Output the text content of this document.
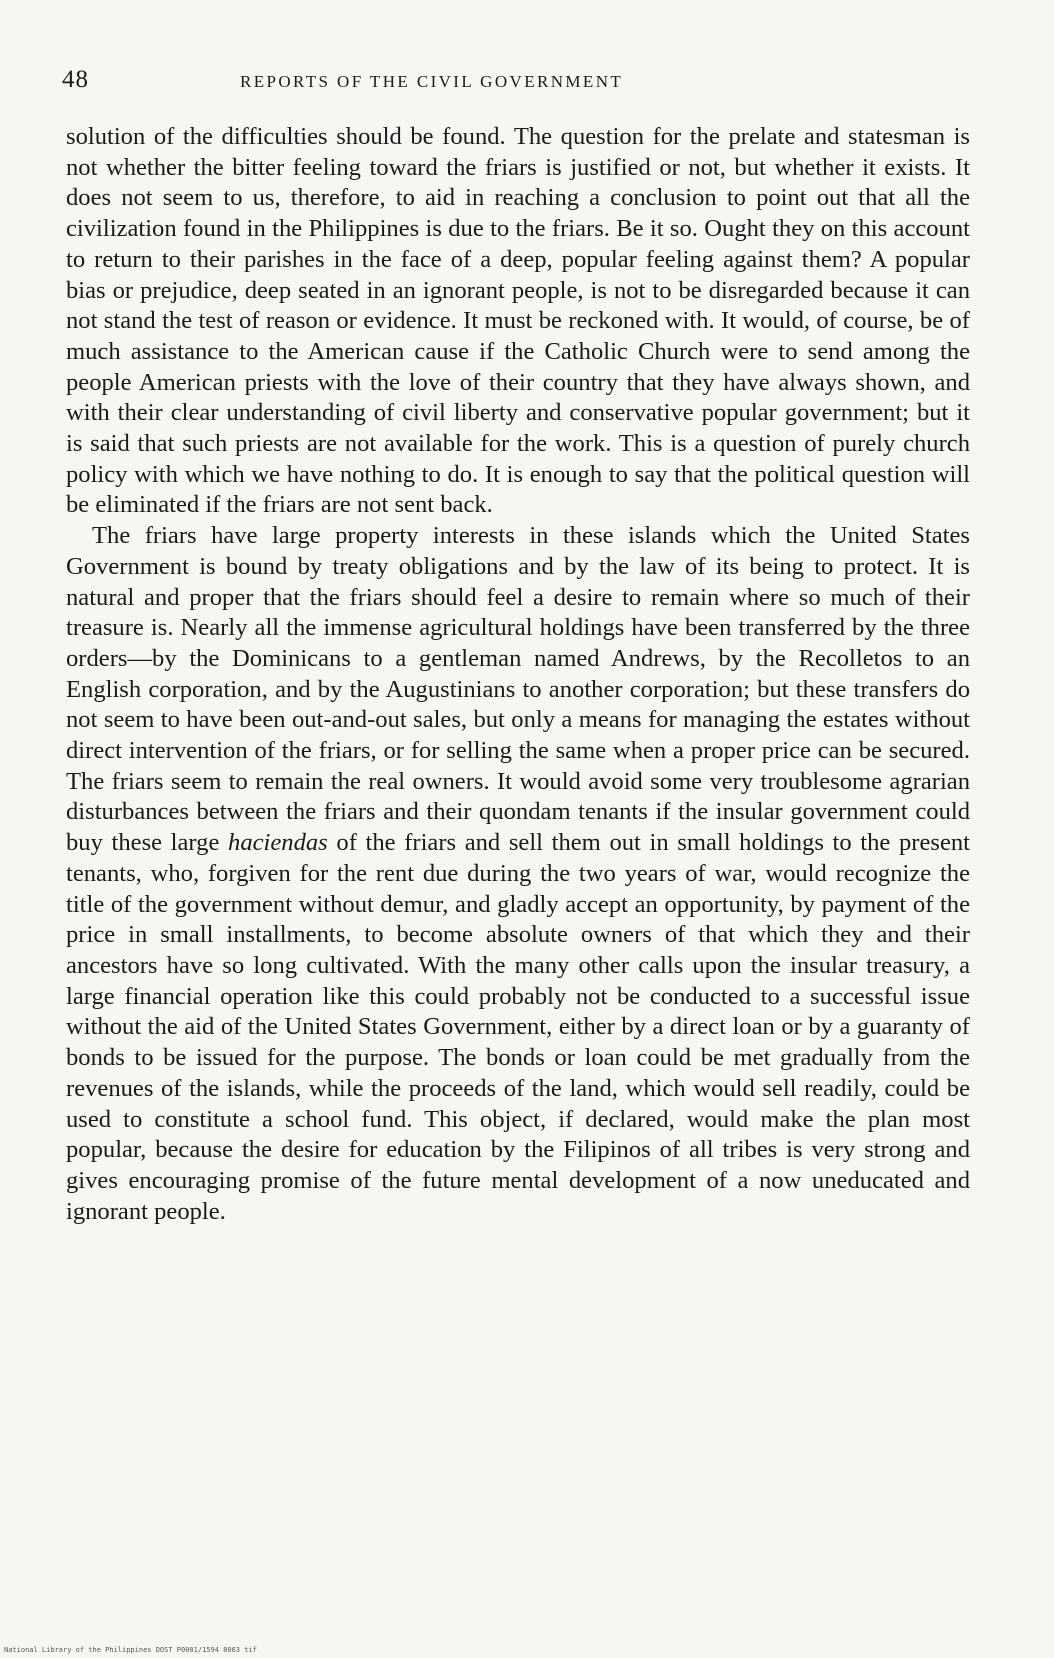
48	REPORTS OF THE CIVIL GOVERNMENT

solution of the difficulties should be found. The question for the prelate and statesman is not whether the bitter feeling toward the friars is justified or not, but whether it exists. It does not seem to us, therefore, to aid in reaching a conclusion to point out that all the civilization found in the Philippines is due to the friars. Be it so. Ought they on this account to return to their parishes in the face of a deep, popular feeling against them? A popular bias or prejudice, deep seated in an ignorant people, is not to be disregarded because it can not stand the test of reason or evidence. It must be reckoned with. It would, of course, be of much assistance to the American cause if the Catholic Church were to send among the people American priests with the love of their country that they have always shown, and with their clear understanding of civil liberty and conservative popular government; but it is said that such priests are not available for the work. This is a question of purely church policy with which we have nothing to do. It is enough to say that the political question will be eliminated if the friars are not sent back.

The friars have large property interests in these islands which the United States Government is bound by treaty obligations and by the law of its being to protect. It is natural and proper that the friars should feel a desire to remain where so much of their treasure is. Nearly all the immense agricultural holdings have been transferred by the three orders—by the Dominicans to a gentleman named Andrews, by the Recolletos to an English corporation, and by the Augustinians to another corporation; but these transfers do not seem to have been out-and-out sales, but only a means for managing the estates without direct intervention of the friars, or for selling the same when a proper price can be secured. The friars seem to remain the real owners. It would avoid some very troublesome agrarian disturbances between the friars and their quondam tenants if the insular government could buy these large haciendas of the friars and sell them out in small holdings to the present tenants, who, forgiven for the rent due during the two years of war, would recognize the title of the government without demur, and gladly accept an opportunity, by payment of the price in small installments, to become absolute owners of that which they and their ancestors have so long cultivated. With the many other calls upon the insular treasury, a large financial operation like this could probably not be conducted to a successful issue without the aid of the United States Government, either by a direct loan or by a guaranty of bonds to be issued for the purpose. The bonds or loan could be met gradually from the revenues of the islands, while the proceeds of the land, which would sell readily, could be used to constitute a school fund. This object, if declared, would make the plan most popular, because the desire for education by the Filipinos of all tribes is very strong and gives encouraging promise of the future mental development of a now uneducated and ignorant people.

National Library of the Philippines DOST P0001/1594 8063 tif
